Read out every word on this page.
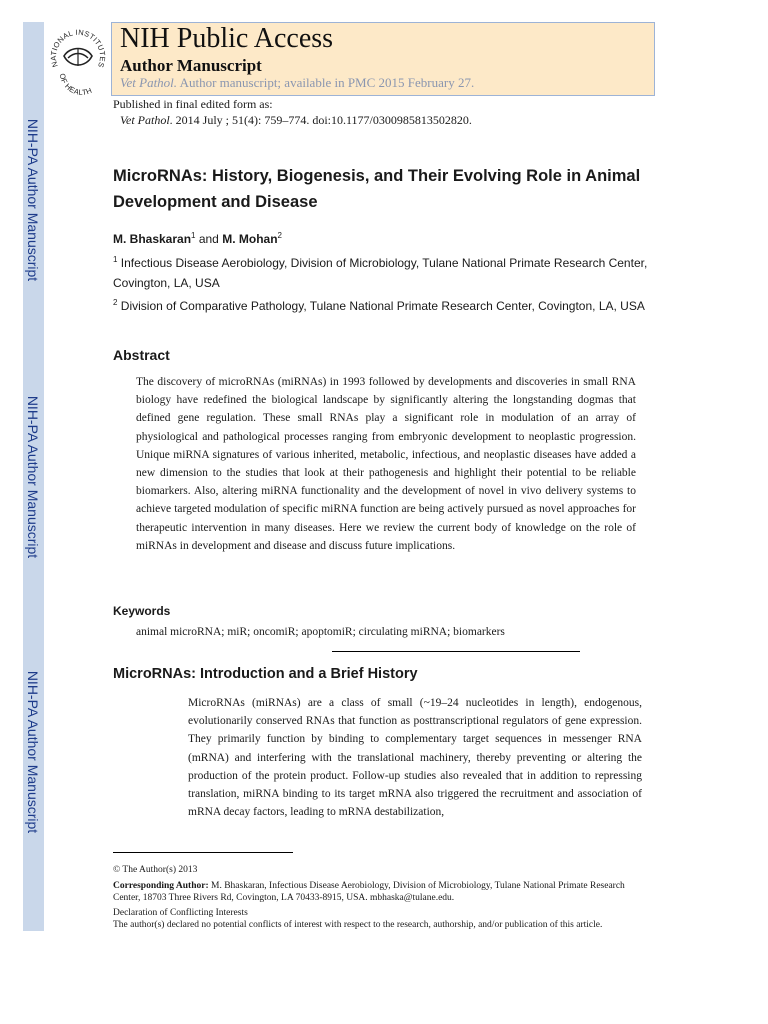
NIH-PA Author Manuscript
NIH-PA Author Manuscript
NIH-PA Author Manuscript
NATIONAL INSTITUTES
OF HEALTH
NIH Public Access
Author Manuscript
Vet Pathol. Author manuscript; available in PMC 2015 February 27.
Published in final edited form as:
Vet Pathol. 2014 July ; 51(4): 759–774. doi:10.1177/0300985813502820.
MicroRNAs: History, Biogenesis, and Their Evolving Role in Animal Development and Disease
M. Bhaskaran$^1$ and M. Mohan$^2$
$^1$ Infectious Disease Aerobiology, Division of Microbiology, Tulane National Primate Research Center, Covington, LA, USA
$^2$ Division of Comparative Pathology, Tulane National Primate Research Center, Covington, LA, USA
Abstract
The discovery of microRNAs (miRNAs) in 1993 followed by developments and discoveries in small RNA biology have redefined the biological landscape by significantly altering the longstanding dogmas that defined gene regulation. These small RNAs play a significant role in modulation of an array of physiological and pathological processes ranging from embryonic development to neoplastic progression. Unique miRNA signatures of various inherited, metabolic, infectious, and neoplastic diseases have added a new dimension to the studies that look at their pathogenesis and highlight their potential to be reliable biomarkers. Also, altering miRNA functionality and the development of novel in vivo delivery systems to achieve targeted modulation of specific miRNA function are being actively pursued as novel approaches for therapeutic intervention in many diseases. Here we review the current body of knowledge on the role of miRNAs in development and disease and discuss future implications.
Keywords
animal microRNA; miR; oncomiR; apoptomiR; circulating miRNA; biomarkers
MicroRNAs: Introduction and a Brief History
MicroRNAs (miRNAs) are a class of small (~19–24 nucleotides in length), endogenous, evolutionarily conserved RNAs that function as posttranscriptional regulators of gene expression. They primarily function by binding to complementary target sequences in messenger RNA (mRNA) and interfering with the translational machinery, thereby preventing or altering the production of the protein product. Follow-up studies also revealed that in addition to repressing translation, miRNA binding to its target mRNA also triggered the recruitment and association of mRNA decay factors, leading to mRNA destabilization,
© The Author(s) 2013
Corresponding Author: M. Bhaskaran, Infectious Disease Aerobiology, Division of Microbiology, Tulane National Primate Research Center, 18703 Three Rivers Rd, Covington, LA 70433-8915, USA. mbhaska@tulane.edu.
Declaration of Conflicting Interests
The author(s) declared no potential conflicts of interest with respect to the research, authorship, and/or publication of this article.
